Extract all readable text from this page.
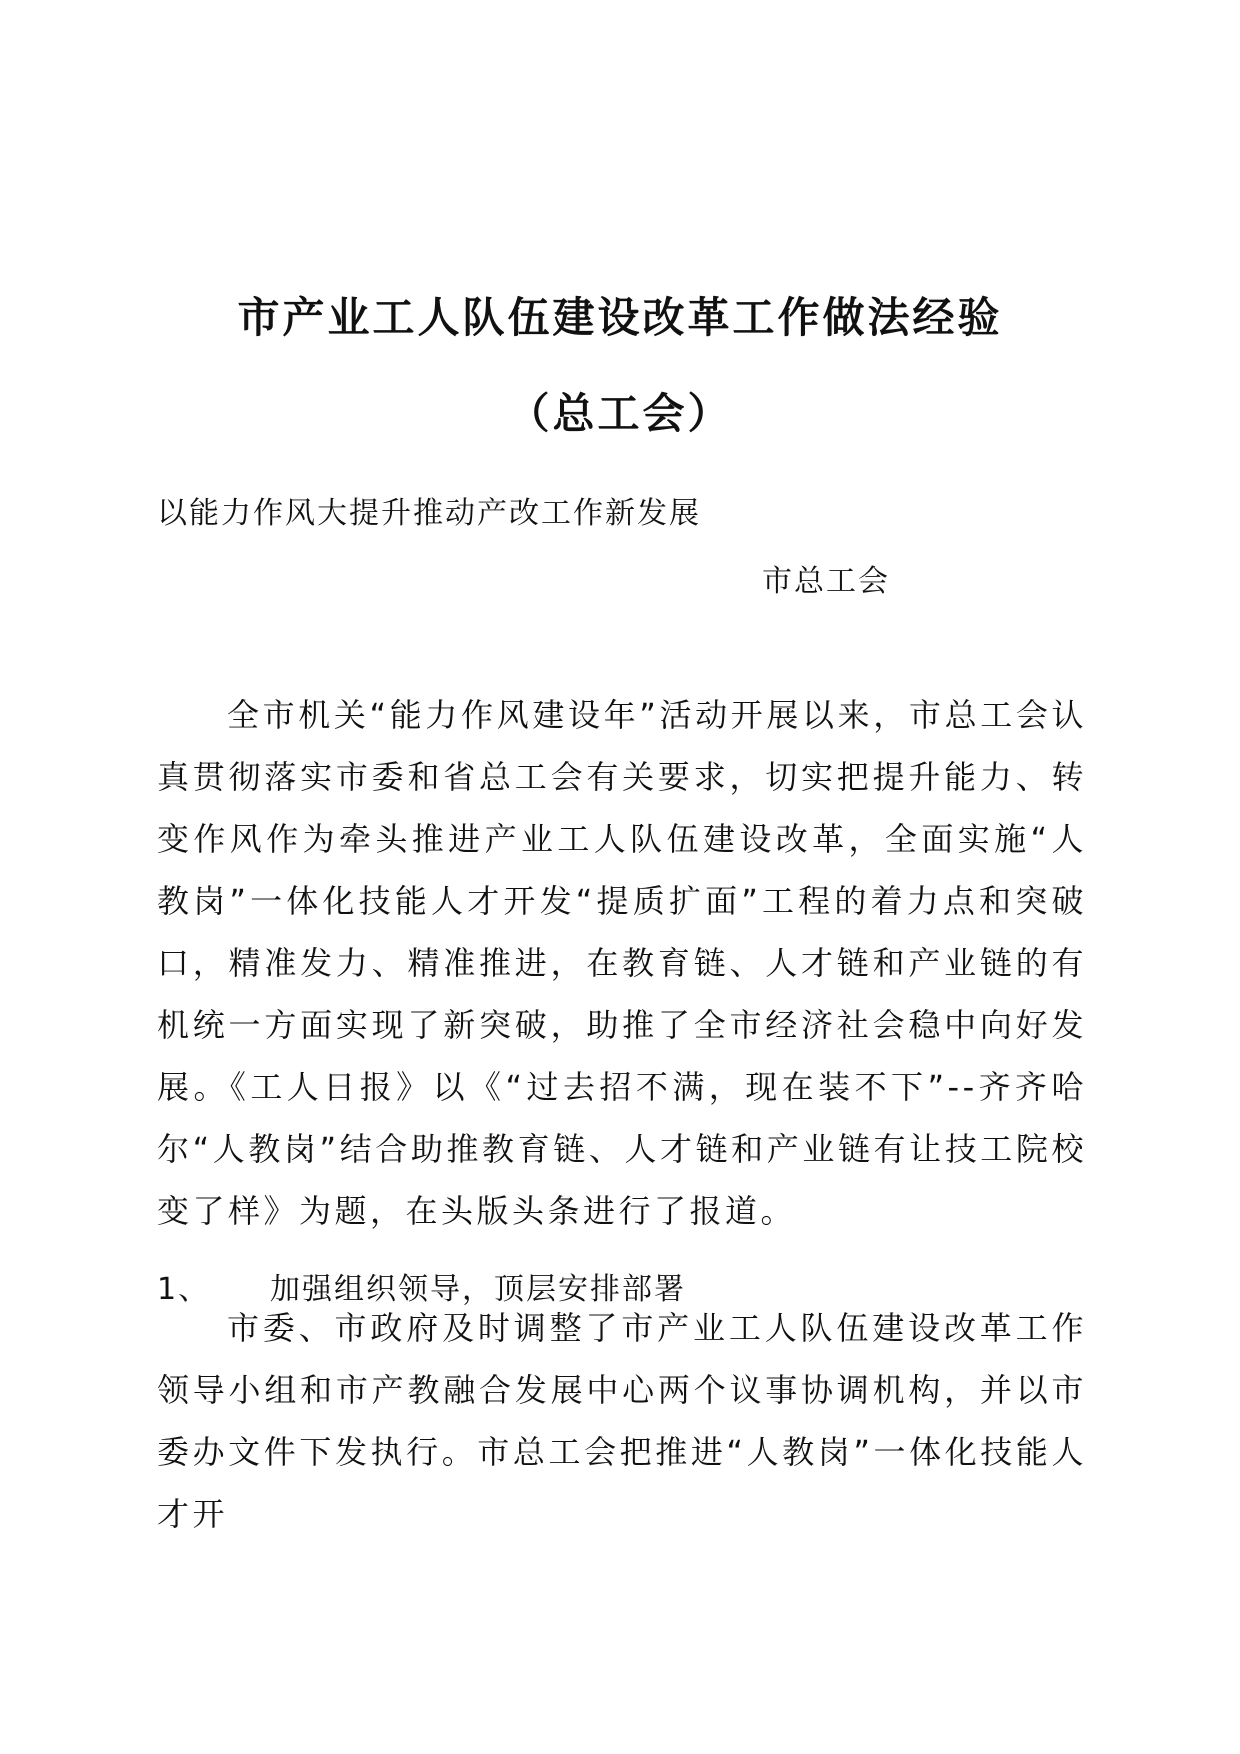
市产业工人队伍建设改革工作做法经验
（总工会）

以能力作风大提升推动产改工作新发展

市总工会

全市机关“能力作风建设年”活动开展以来，市总工会认真贯彻落实市委和省总工会有关要求，切实把提升能力、转变作风作为牵头推进产业工人队伍建设改革，全面实施“人教岗”一体化技能人才开发“提质扩面”工程的着力点和突破口，精准发力、精准推进，在教育链、人才链和产业链的有机统一方面实现了新突破，助推了全市经济社会稳中向好发展。《工人日报》以《“过去招不满，现在装不下”--齐齐哈尔“人教岗”结合助推教育链、人才链和产业链有让技工院校变了样》为题，在头版头条进行了报道。

1、 加强组织领导，顶层安排部署

市委、市政府及时调整了市产业工人队伍建设改革工作领导小组和市产教融合发展中心两个议事协调机构，并以市委办文件下发执行。市总工会把推进“人教岗”一体化技能人才开
